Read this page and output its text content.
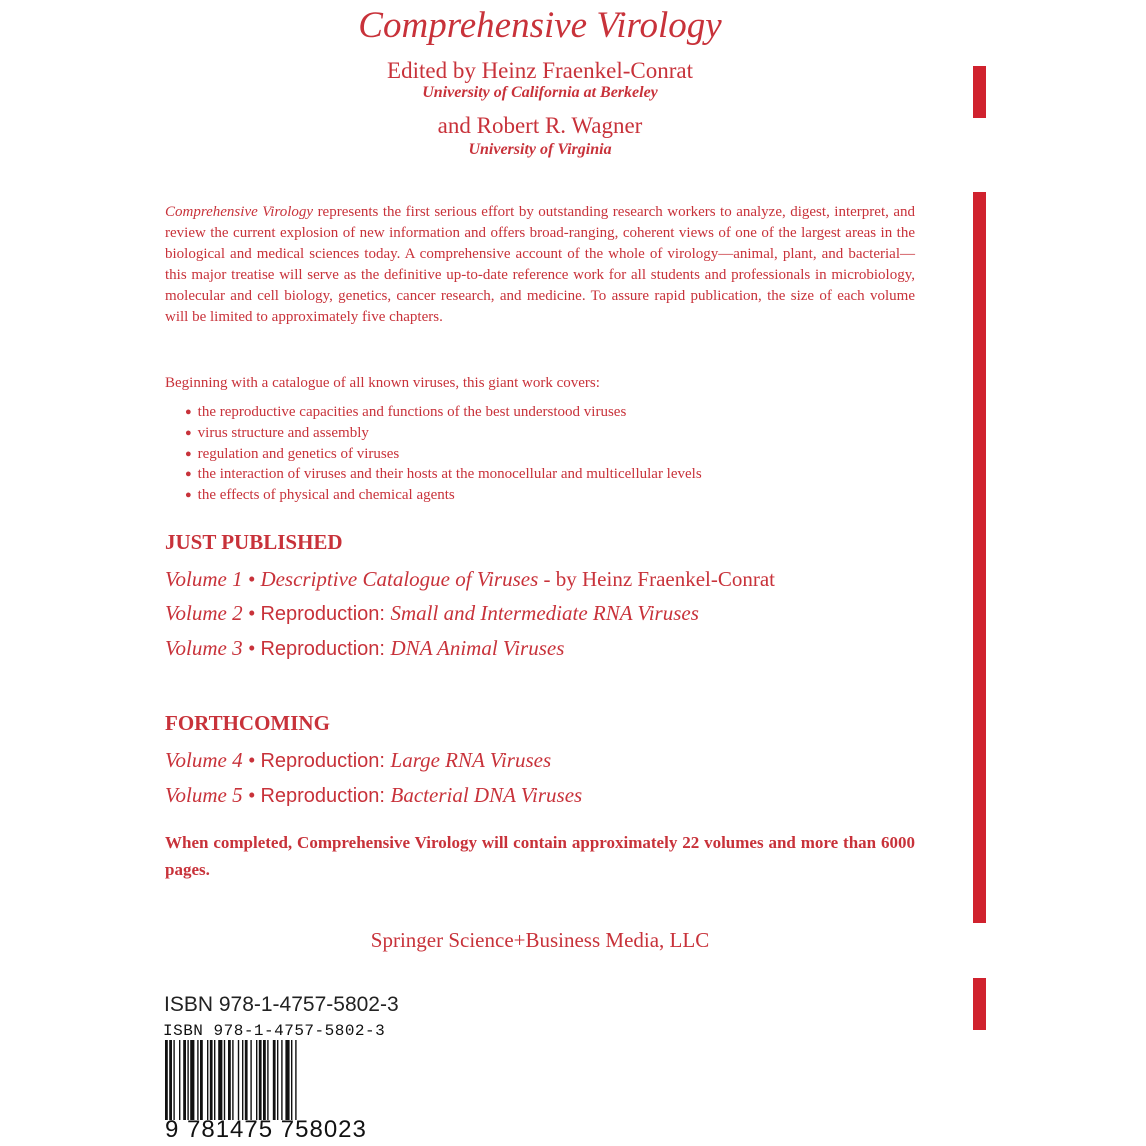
Comprehensive Virology
Edited by Heinz Fraenkel-Conrat
University of California at Berkeley
and Robert R. Wagner
University of Virginia
Comprehensive Virology represents the first serious effort by outstanding research workers to analyze, digest, interpret, and review the current explosion of new information and offers broad-ranging, coherent views of one of the largest areas in the biological and medical sciences today. A comprehensive account of the whole of virology—animal, plant, and bacterial—this major treatise will serve as the definitive up-to-date reference work for all students and professionals in microbiology, molecular and cell biology, genetics, cancer research, and medicine. To assure rapid publication, the size of each volume will be limited to approximately five chapters.
Beginning with a catalogue of all known viruses, this giant work covers:
● the reproductive capacities and functions of the best understood viruses
● virus structure and assembly
● regulation and genetics of viruses
● the interaction of viruses and their hosts at the monocellular and multicellular levels
● the effects of physical and chemical agents
JUST PUBLISHED
Volume 1 • Descriptive Catalogue of Viruses - by Heinz Fraenkel-Conrat
Volume 2 • Reproduction: Small and Intermediate RNA Viruses
Volume 3 • Reproduction: DNA Animal Viruses
FORTHCOMING
Volume 4 • Reproduction: Large RNA Viruses
Volume 5 • Reproduction: Bacterial DNA Viruses
When completed, Comprehensive Virology will contain approximately 22 volumes and more than 6000 pages.
Springer Science+Business Media, LLC
ISBN 978-1-4757-5802-3
ISBN 978-1-4757-5802-3
9 781475 758023
